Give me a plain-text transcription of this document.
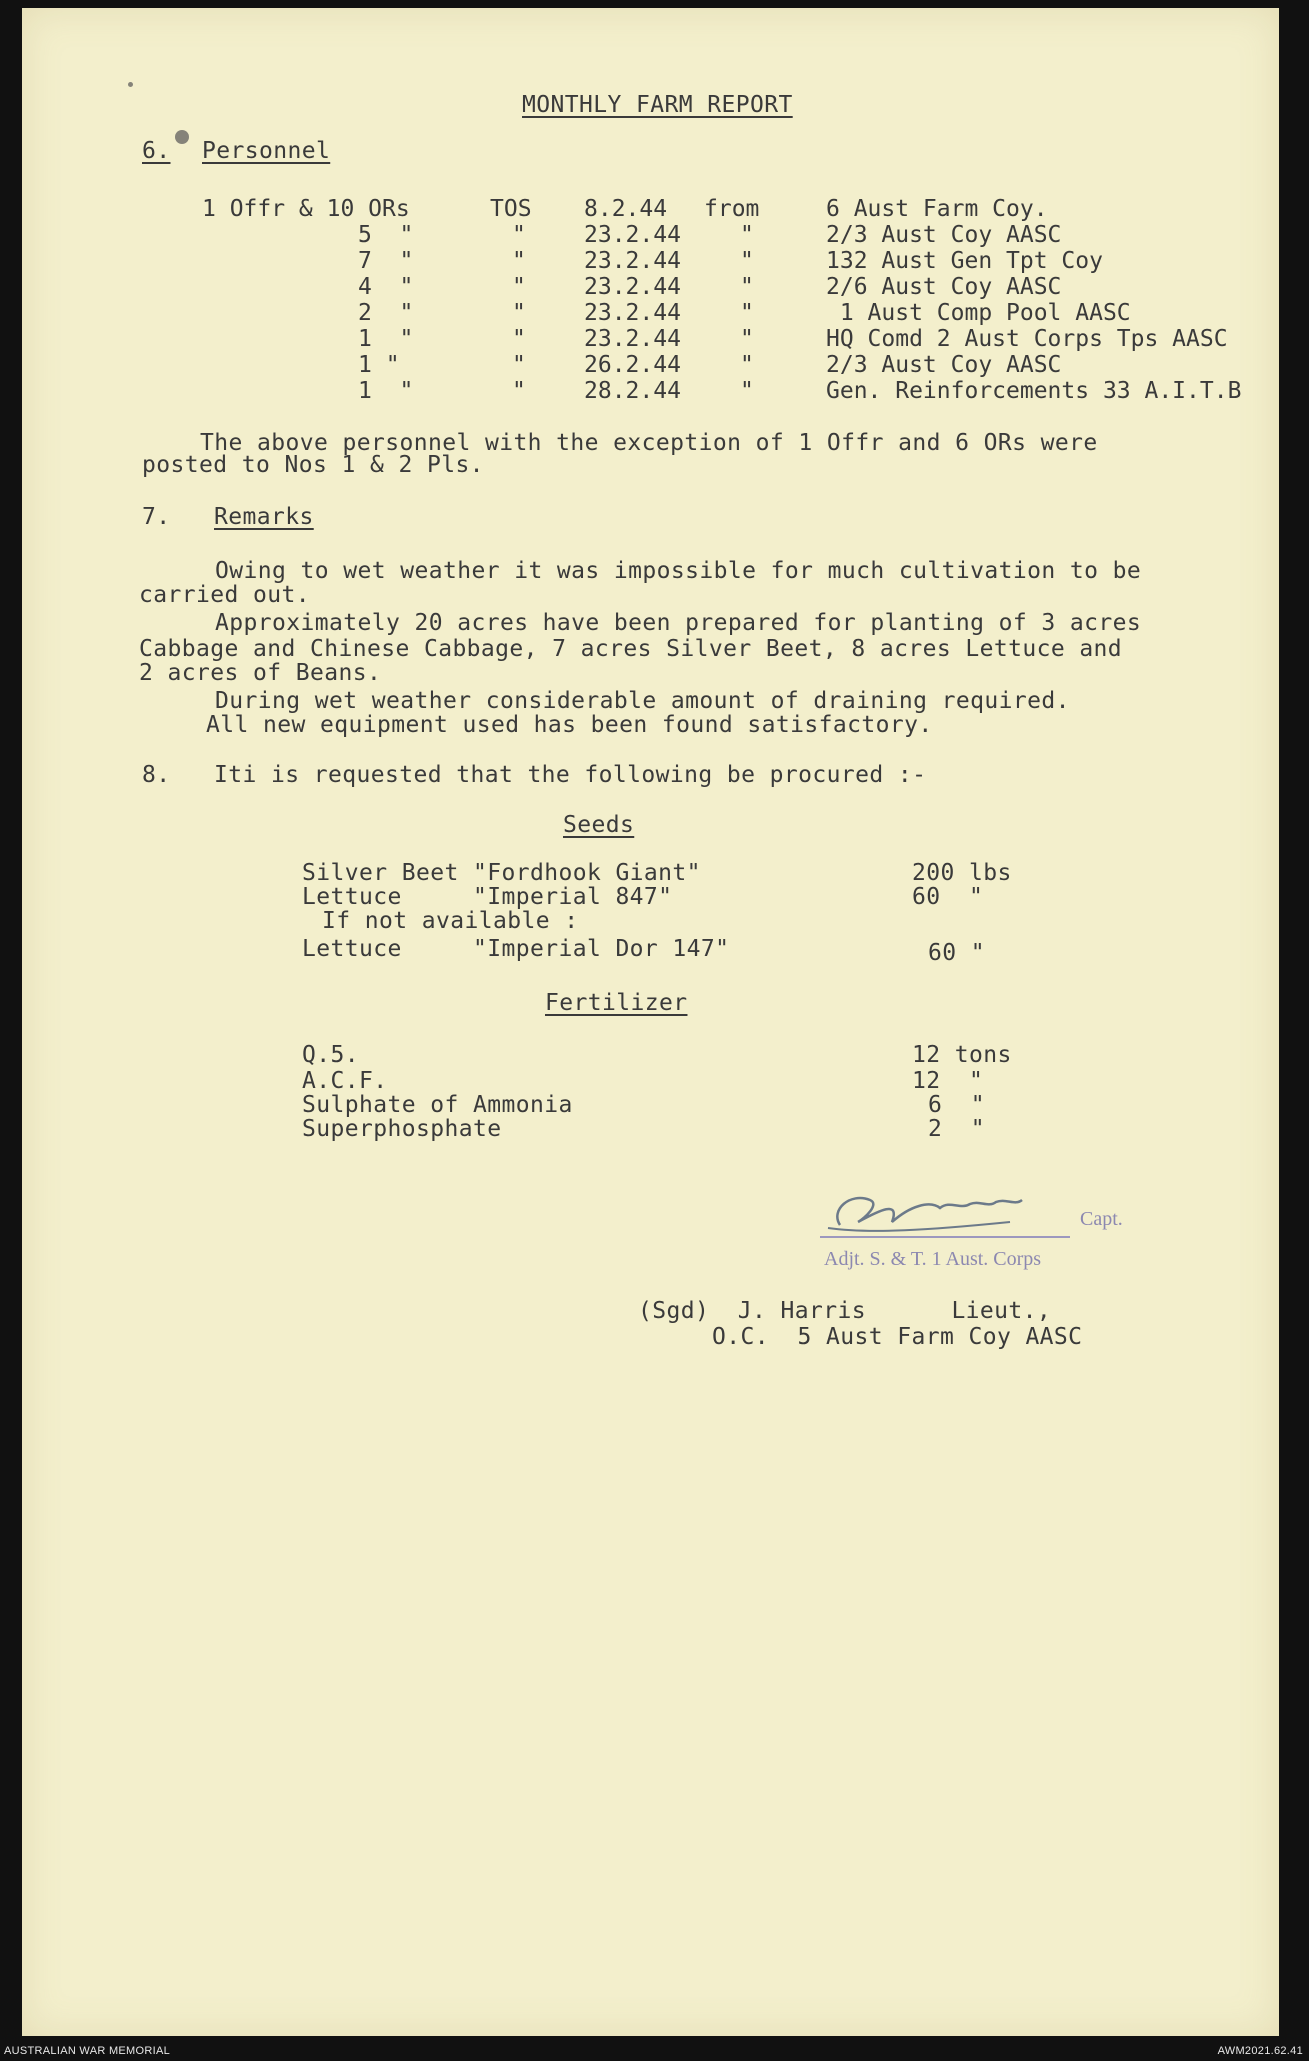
MONTHLY FARM REPORT
6. Personnel
1 Offr & 10 ORs	TOS 8.2.44 from	6 Aust Farm Coy.
5  "	"	23.2.44	"	2/3 Aust Coy AASC
7  "	"	23.2.44	"	132 Aust Gen Tpt Coy
4  "	"	23.2.44	"	2/6 Aust Coy AASC
2  "	"	23.2.44	"	1 Aust Comp Pool AASC
1  "	"	23.2.44	"	HQ Comd 2 Aust Corps Tps AASC
1 "	"	26.2.44	"	2/3 Aust Coy AASC
1  "	"	28.2.44	"	Gen. Reinforcements 33 A.I.T.B
The above personnel with the exception of 1 Offr and 6 ORs were
posted to Nos 1 & 2 Pls.
7. Remarks
Owing to wet weather it was impossible for much cultivation to be
carried out.
Approximately 20 acres have been prepared for planting of 3 acres
Cabbage and Chinese Cabbage, 7 acres Silver Beet, 8 acres Lettuce and
2 acres of Beans.
During wet weather considerable amount of draining required.
All new equipment used has been found satisfactory.
8. Iti is requested that the following be procured :-
Seeds
Silver Beet "Fordhook Giant"	200 lbs
Lettuce     "Imperial 847"	60  "
If not available :
Lettuce     "Imperial Dor 147"	60 "
Fertilizer
Q.5.	12 tons
A.C.F.	12  "
Sulphate of Ammonia	6  "
Superphosphate	2  "
(Sgd)  J. Harris      Lieut.,
O.C.  5 Aust Farm Coy AASC
Capt.
Adjt. S. & T. 1 Aust. Corps
AUSTRALIAN WAR MEMORIAL	AWM2021.62.41
